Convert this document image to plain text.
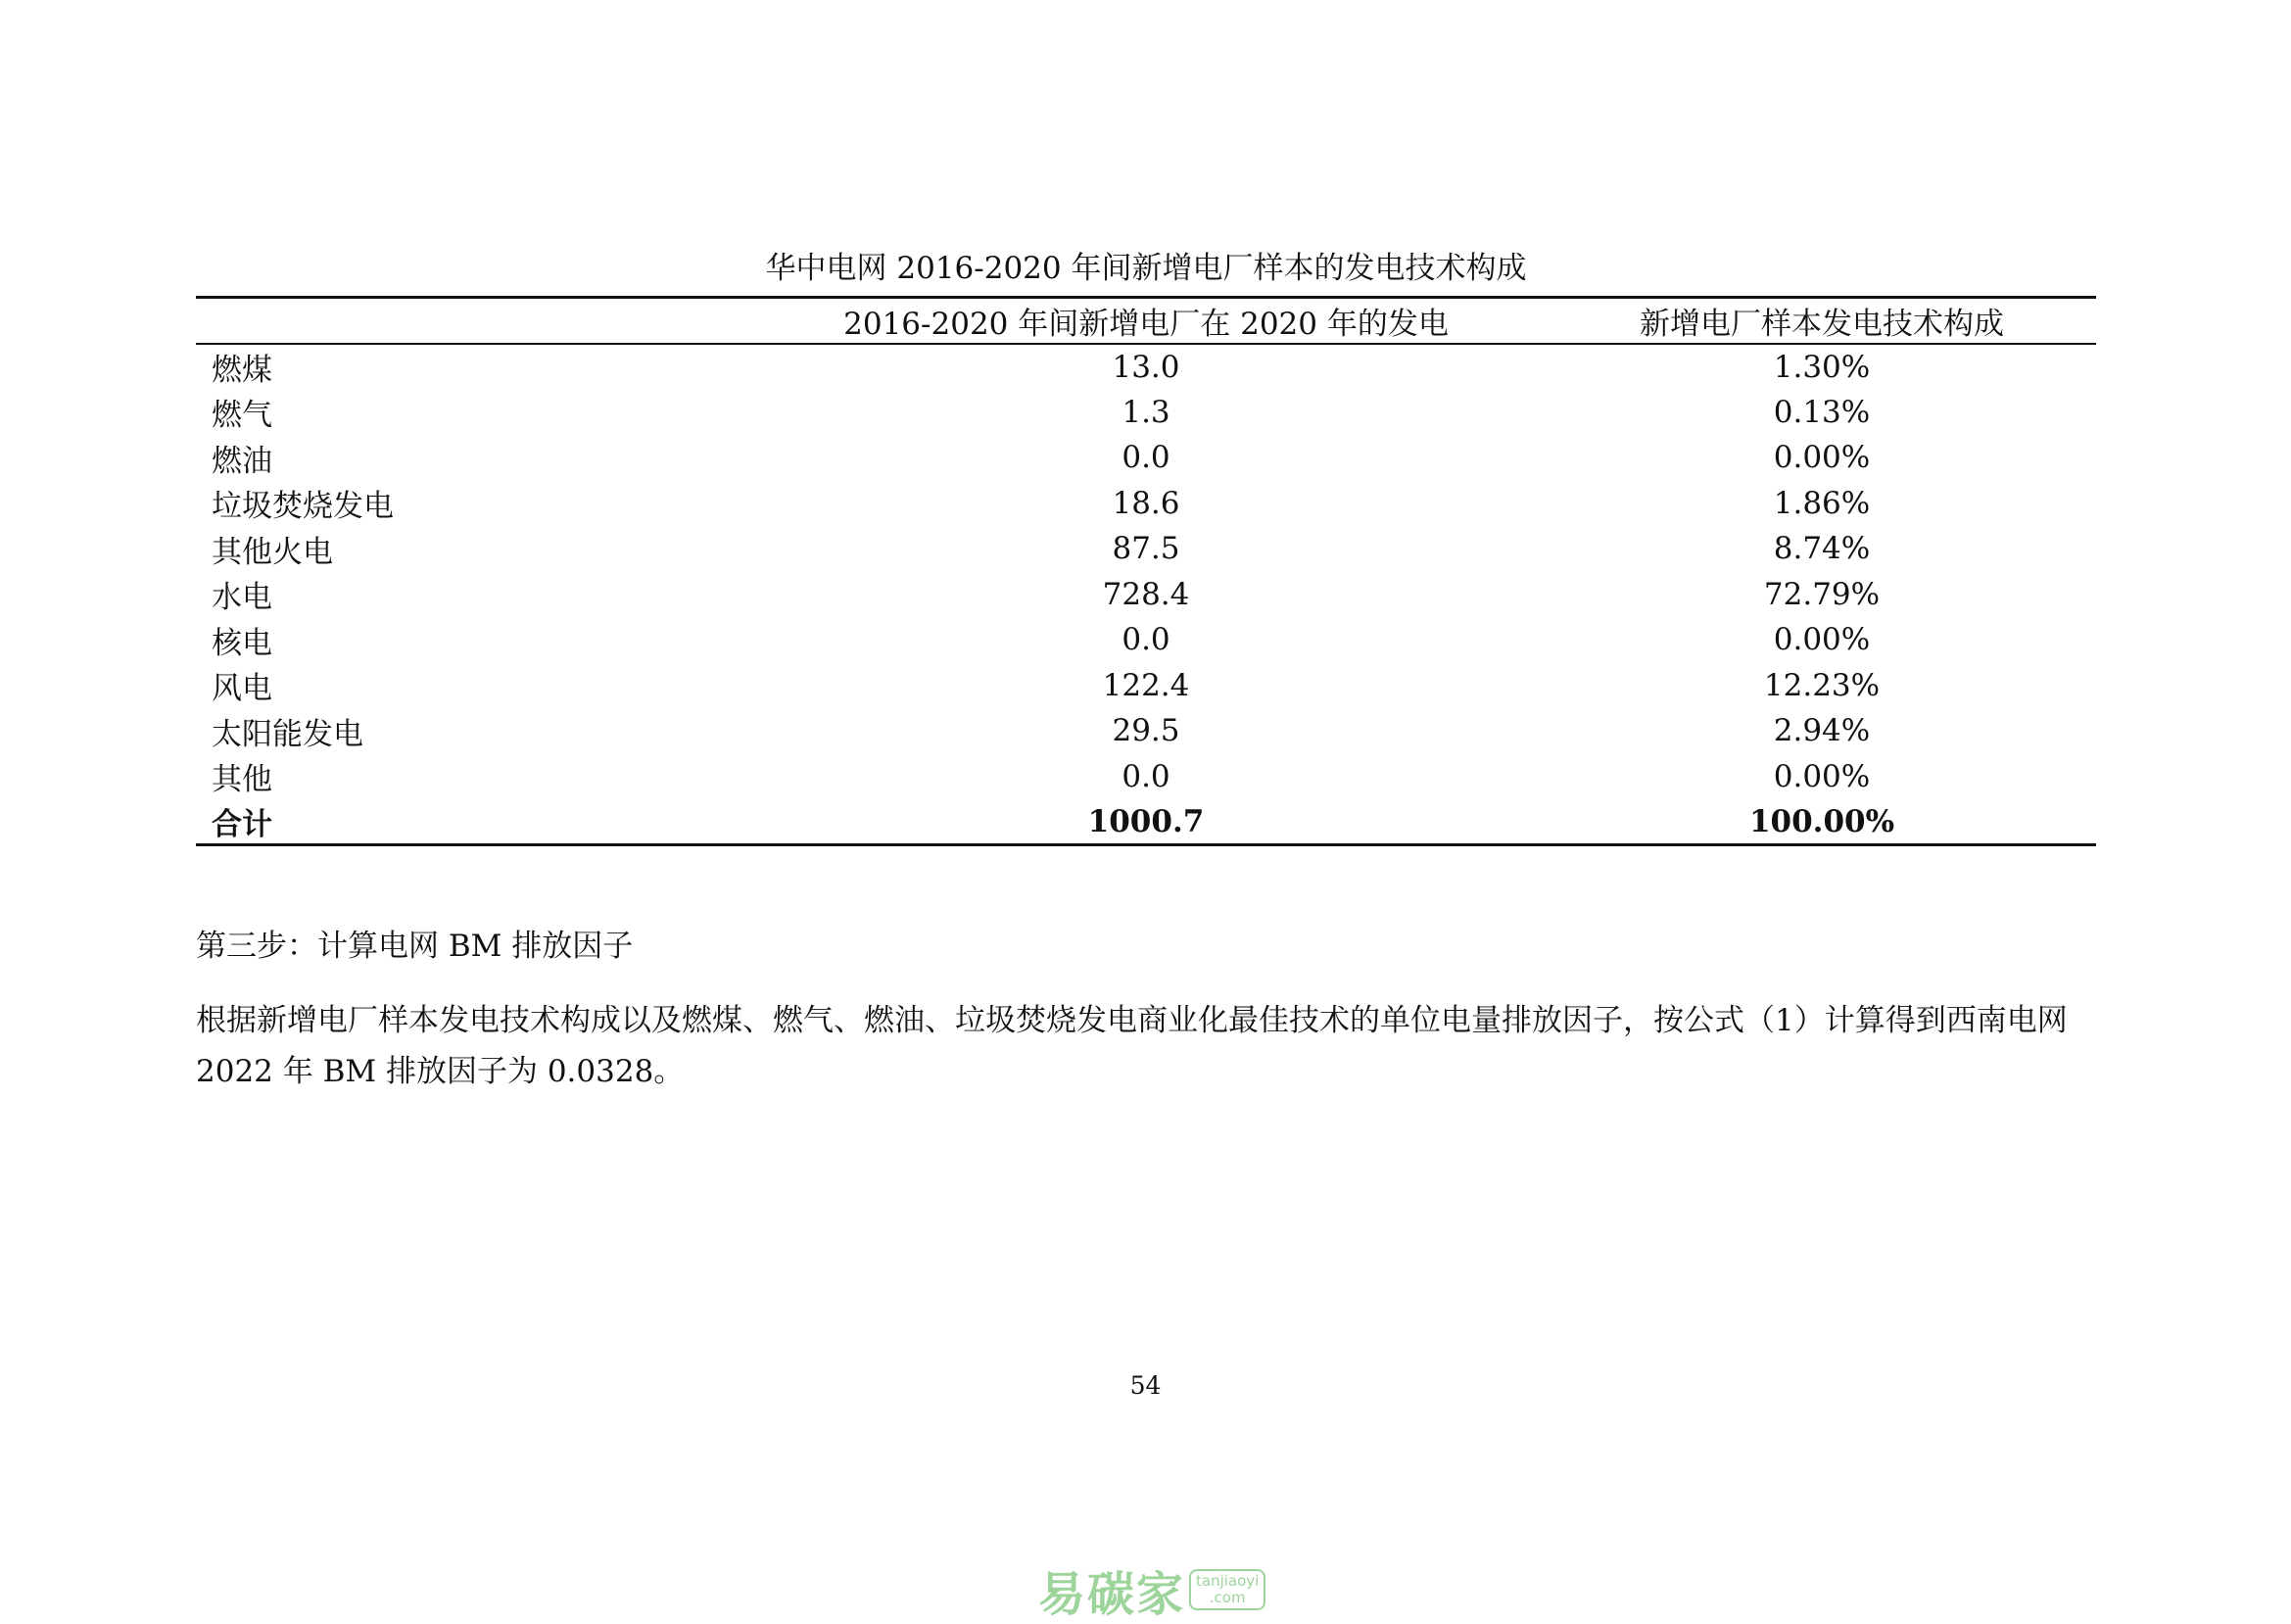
华中电网 2016-2020 年间新增电厂样本的发电技术构成
	2016-2020 年间新增电厂在 2020 年的发电	新增电厂样本发电技术构成
燃煤	13.0	1.30%
燃气	1.3	0.13%
燃油	0.0	0.00%
垃圾焚烧发电	18.6	1.86%
其他火电	87.5	8.74%
水电	728.4	72.79%
核电	0.0	0.00%
风电	122.4	12.23%
太阳能发电	29.5	2.94%
其他	0.0	0.00%
合计	1000.7	100.00%
第三步：计算电网 BM 排放因子
根据新增电厂样本发电技术构成以及燃煤、燃气、燃油、垃圾焚烧发电商业化最佳技术的单位电量排放因子，按公式（1）计算得到西南电网 2022 年 BM 排放因子为 0.0328。
54
易碳家 tanjiaoyi
.com
